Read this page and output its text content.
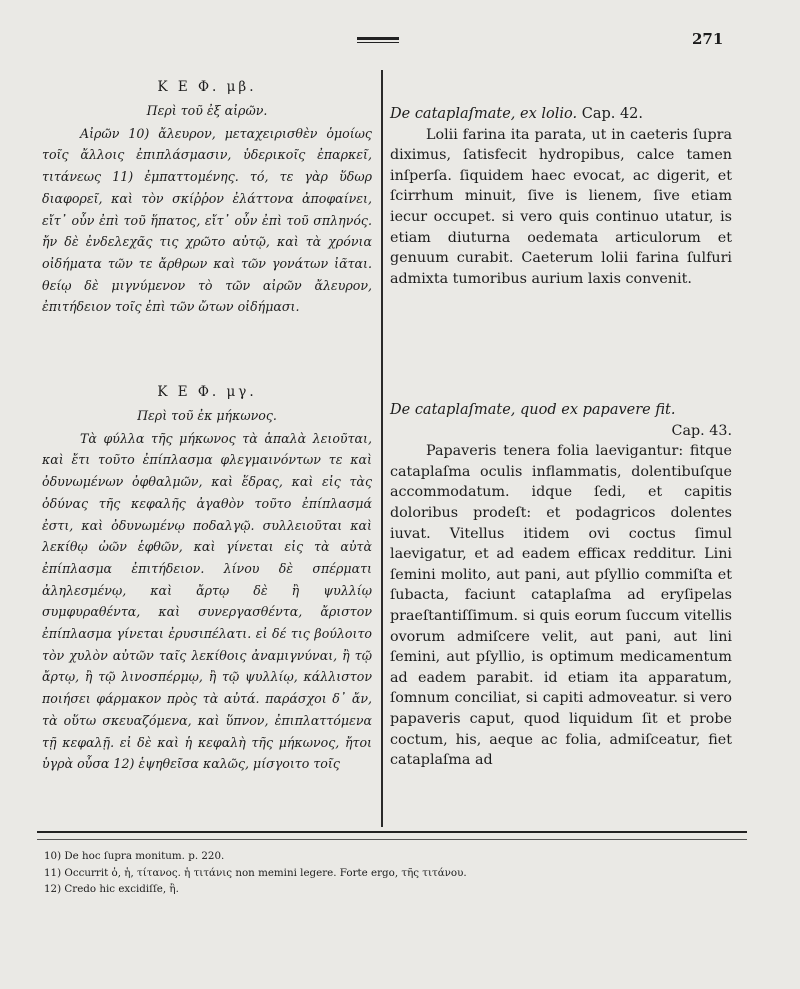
271

Κ Ε Φ. μβ.

Περὶ τοῦ ἐξ αἰρῶν.

Αἰρῶν 10) ἄλευρον, μεταχειρισθὲν ὁμοίως τοῖς ἄλλοις ἐπιπλάσμασιν, ὑδερικοῖς ἐπαρκεῖ, τιτάνεως 11) ἐμπαττομένης. τό, τε γὰρ ὕδωρ διαφορεῖ, καὶ τὸν σκίῤῥον ἐλάττονα ἀποφαίνει, εἴτ᾽ οὖν ἐπὶ τοῦ ἥπατος, εἴτ᾽ οὖν ἐπὶ τοῦ σπληνός. ἤν δὲ ἐνδελεχᾶς τις χρῶτο αὐτῷ, καὶ τὰ χρόνια οἰδήματα τῶν τε ἄρθρων καὶ τῶν γονάτων ἰᾶται. θείῳ δὲ μιγνύμενον τὸ τῶν αἰρῶν ἄλευρον, ἐπιτήδειον τοῖς ἐπὶ τῶν ὤτων οἰδήμασι.

Κ Ε Φ. μγ.

Περὶ τοῦ ἐκ μήκωνος.

Τὰ φύλλα τῆς μήκωνος τὰ ἁπαλὰ λειοῦται, καὶ ἔτι τοῦτο ἐπίπλασμα φλεγμαινόντων τε καὶ ὀδυνωμένων ὀφθαλμῶν, καὶ ἕδρας, καὶ εἰς τὰς ὀδύνας τῆς κεφαλῆς ἀγαθὸν τοῦτο ἐπίπλασμά ἐστι, καὶ ὀδυνωμένῳ ποδαλγῷ. συλλειοῦται καὶ λεκίθῳ ὠῶν ἑφθῶν, καὶ γίνεται εἰς τὰ αὐτὰ ἐπίπλασμα ἐπιτήδειον. λίνου δὲ σπέρματι ἀληλεσμένῳ, καὶ ἄρτῳ δὲ ἢ ψυλλίῳ συμφυραθέντα, καὶ συνεργασθέντα, ἄριστον ἐπίπλασμα γίνεται ἐρυσιπέλατι. εἰ δέ τις βούλοιτο τὸν χυλὸν αὐτῶν ταῖς λεκίθοις ἀναμιγνύναι, ἢ τῷ ἄρτῳ, ἢ τῷ λινοσπέρμῳ, ἢ τῷ ψυλλίῳ, κάλλιστον ποιήσει φάρμακον πρὸς τὰ αὐτά. παράσχοι δ᾽ ἄν, τὰ οὕτω σκευαζόμενα, καὶ ὕπνον, ἐπιπλαττόμενα τῇ κεφαλῇ. εἰ δὲ καὶ ἡ κεφαλὴ τῆς μήκωνος, ἤτοι ὑγρὰ οὖσα 12) ἑψηθεῖσα καλῶς, μίσγοιτο τοῖς

De cataplaſmate, ex lolio. Cap. 42.

Lolii farina ita parata, ut in caeteris ſupra diximus, ſatisfecit hydropibus, calce tamen inſperſa. ſiquidem haec evocat, ac digerit, et ſcirrhum minuit, ſive is lienem, ſive etiam iecur occupet. si vero quis continuo utatur, is etiam diuturna oedemata articulorum et genuum curabit. Caeterum lolii farina ſulfuri admixta tumoribus aurium laxis convenit.

De cataplaſmate, quod ex papavere fit.

Cap. 43.

Papaveris tenera folia laevigantur: fitque cataplaſma oculis inflammatis, dolentibuſque accommodatum. idque ſedi, et capitis doloribus prodeſt: et podagricos dolentes iuvat. Vitellus itidem ovi coctus ſimul laevigatur, et ad eadem efficax redditur. Lini ſemini molito, aut pani, aut pſyllio commiſta et ſubacta, faciunt cataplaſma ad eryſipelas praeſtantiſſimum. si quis eorum ſuccum vitellis ovorum admiſcere velit, aut pani, aut lini ſemini, aut pſyllio, is optimum medicamentum ad eadem parabit. id etiam ita apparatum, ſomnum conciliat, si capiti admoveatur. si vero papaveris caput, quod liquidum ſit et probe coctum, his, aeque ac folia, admiſceatur, fiet cataplaſma ad

10) De hoc ſupra monitum. p. 220.

11) Occurrit ὁ, ἡ, τίτανος. ἡ τιτάνις non memini legere. Forte ergo, τῆς τιτάνου.

12) Credo hic excidiſſe, ἢ.
